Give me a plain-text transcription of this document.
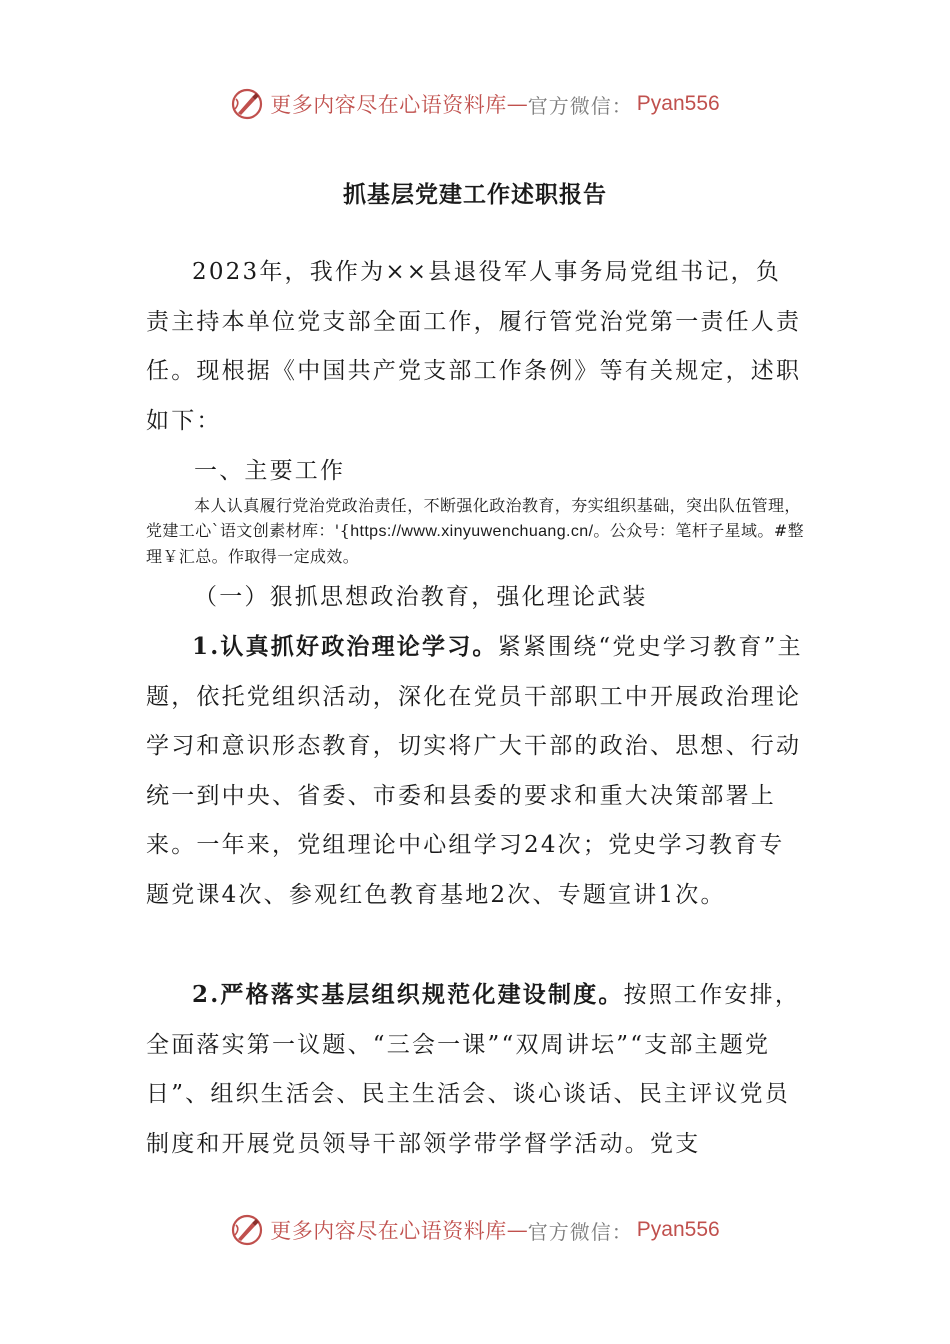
更多内容尽在心语资料库 — 官方微信： Pyan556
抓基层党建工作述职报告

2023年，我作为××县退役军人事务局党组书记，负责主持本单位党支部全面工作，履行管党治党第一责任人责任。现根据《中国共产党支部工作条例》等有关规定，述职如下：

一、主要工作

本人认真履行党治党政治责任，不断强化政治教育，夯实组织基础，突出队伍管理，党建工心`语文创素材库：'{https://www.xinyuwenchuang.cn/。公众号：笔杆子星域。#整理￥汇总。作取得一定成效。

（一）狠抓思想政治教育，强化理论武装

1.认真抓好政治理论学习。紧紧围绕“党史学习教育”主题，依托党组织活动，深化在党员干部职工中开展政治理论学习和意识形态教育，切实将广大干部的政治、思想、行动统一到中央、省委、市委和县委的要求和重大决策部署上来。一年来，党组理论中心组学习24次；党史学习教育专题党课4次、参观红色教育基地2次、专题宣讲1次。

2.严格落实基层组织规范化建设制度。按照工作安排，全面落实第一议题、“三会一课”“双周讲坛”“支部主题党日”、组织生活会、民主生活会、谈心谈话、民主评议党员制度和开展党员领导干部领学带学督学活动。党支

更多内容尽在心语资料库 — 官方微信： Pyan556
